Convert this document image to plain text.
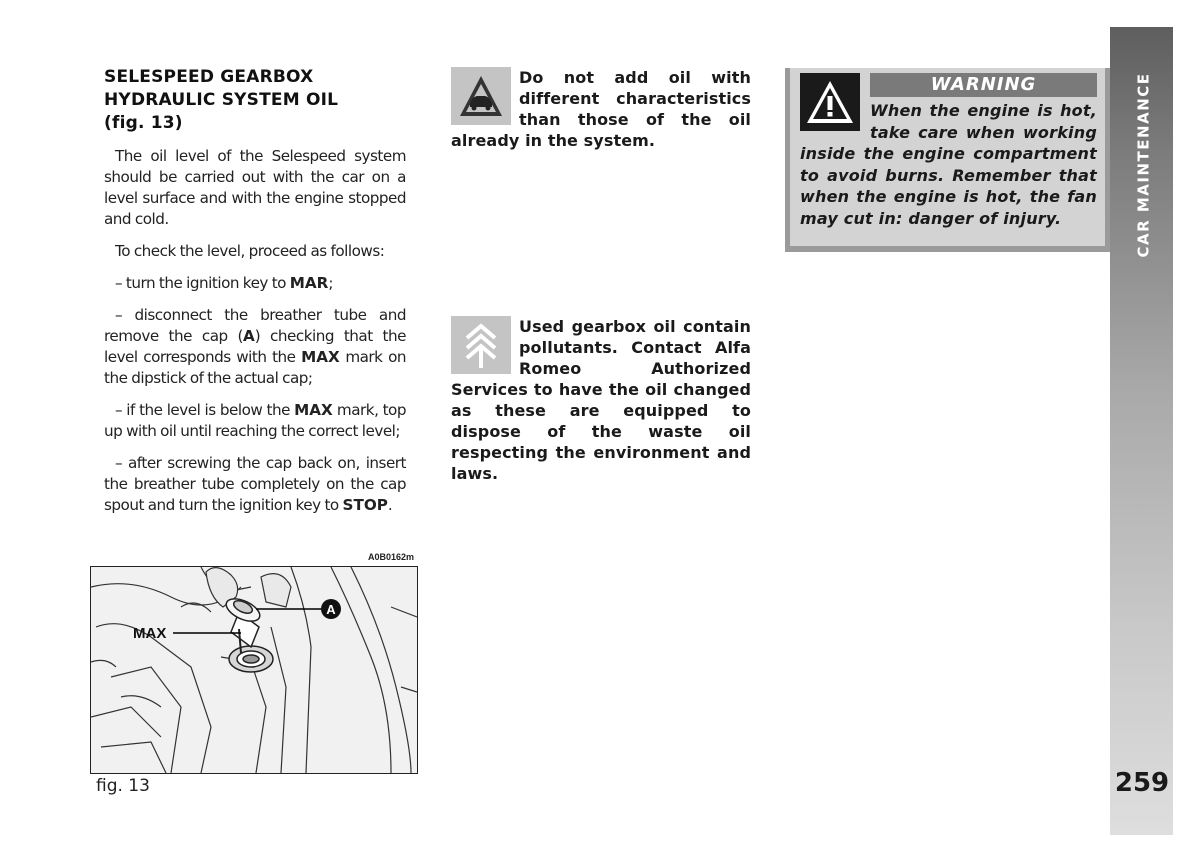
SELESPEED GEARBOX
HYDRAULIC SYSTEM OIL
(fig. 13)

The oil level of the Selespeed system should be carried out with the car on a level surface and with the engine stopped and cold.

To check the level, proceed as follows:

– turn the ignition key to MAR;

– disconnect the breather tube and remove the cap (A) checking that the level corresponds with the MAX mark on the dipstick of the actual cap;

– if the level is below the MAX mark, top up with oil until reaching the correct level;

– after screwing the cap back on, insert the breather tube completely on the cap spout and turn the ignition key to STOP.

A0B0162m
MAX
A
fig. 13

Do not add oil with different characteristics than those of the oil already in the system.

Used gearbox oil contain pollutants. Contact Alfa Romeo Authorized Services to have the oil changed as these are equipped to dispose of the waste oil respecting the environment and laws.

WARNING
When the engine is hot, take care when working inside the engine compartment to avoid burns. Remember that when the engine is hot, the fan may cut in: danger of injury.	CAR MAINTENANCE
259
